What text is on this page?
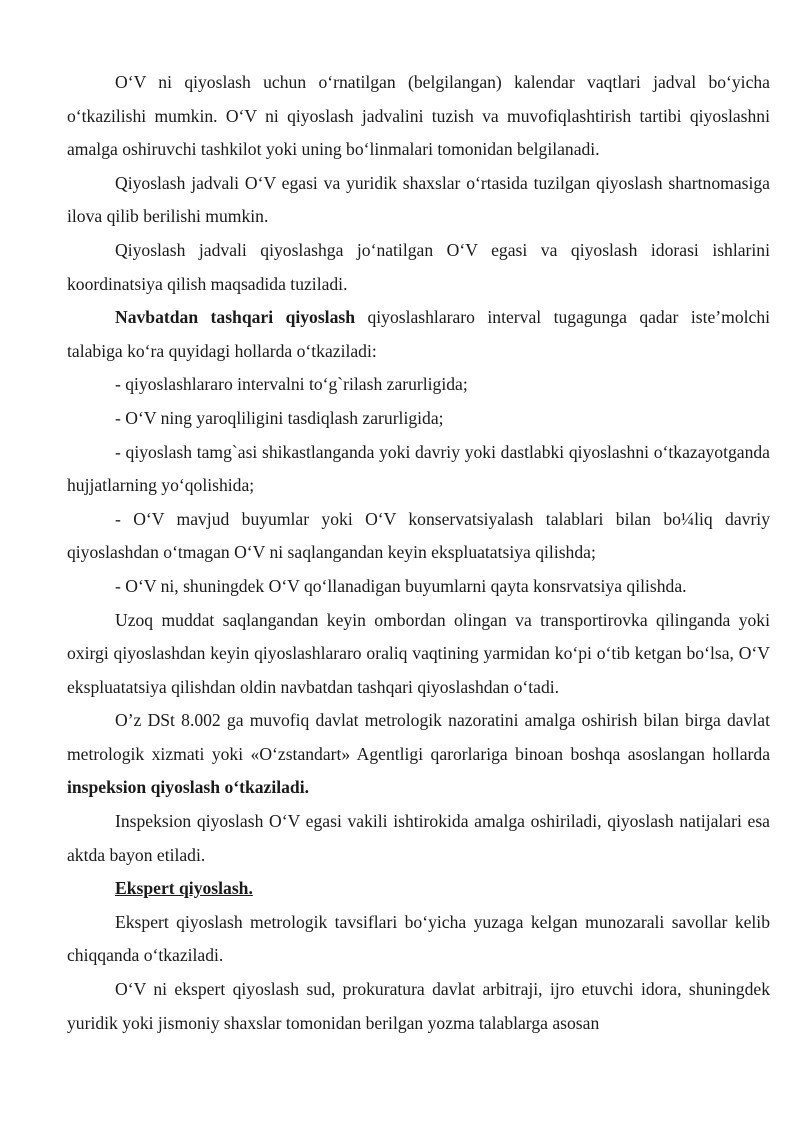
O‘V ni qiyoslash uchun o‘rnatilgan (belgilangan) kalendar vaqtlari jadval bo‘yicha o‘tkazilishi mumkin. O‘V ni qiyoslash jadvalini tuzish va muvofiqlashtirish tartibi qiyoslashni amalga oshiruvchi tashkilot yoki uning bo‘linmalari tomonidan belgilanadi.

Qiyoslash jadvali O‘V egasi va yuridik shaxslar o‘rtasida tuzilgan qiyoslash shartnomasiga ilova qilib berilishi mumkin.

Qiyoslash jadvali qiyoslashga jo‘natilgan O‘V egasi va qiyoslash idorasi ishlarini koordinatsiya qilish maqsadida tuziladi.

Navbatdan tashqari qiyoslash qiyoslashlararo interval tugagunga qadar iste’molchi talabiga ko‘ra quyidagi hollarda o‘tkaziladi:

- qiyoslashlararo intervalni to‘g`rilash zarurligida;

- O‘V ning yaroqliligini tasdiqlash zarurligida;

- qiyoslash tamg`asi shikastlanganda yoki davriy yoki dastlabki qiyoslashni o‘tkazayotganda hujjatlarning yo‘qolishida;

- O‘V mavjud buyumlar yoki O‘V konservatsiyalash talablari bilan bo¼liq davriy qiyoslashdan o‘tmagan O‘V ni saqlangandan keyin ekspluatatsiya qilishda;

- O‘V ni, shuningdek O‘V qo‘llanadigan buyumlarni qayta konsrvatsiya qilishda.

Uzoq muddat saqlangandan keyin ombordan olingan va transportirovka qilinganda yoki oxirgi qiyoslashdan keyin qiyoslashlararo oraliq vaqtining yarmidan ko‘pi o‘tib ketgan bo‘lsa, O‘V ekspluatatsiya qilishdan oldin navbatdan tashqari qiyoslashdan o‘tadi.

O’z DSt 8.002 ga muvofiq davlat metrologik nazoratini amalga oshirish bilan birga davlat metrologik xizmati yoki «O‘zstandart» Agentligi qarorlariga binoan boshqa asoslangan hollarda inspeksion qiyoslash o‘tkaziladi.

Inspeksion qiyoslash O‘V egasi vakili ishtirokida amalga oshiriladi, qiyoslash natijalari esa aktda bayon etiladi.

Ekspert qiyoslash.

Ekspert qiyoslash metrologik tavsiflari bo‘yicha yuzaga kelgan munozarali savollar kelib chiqqanda o‘tkaziladi.

O‘V ni ekspert qiyoslash sud, prokuratura davlat arbitraji, ijro etuvchi idora, shuningdek yuridik yoki jismoniy shaxslar tomonidan berilgan yozma talablarga asosan
